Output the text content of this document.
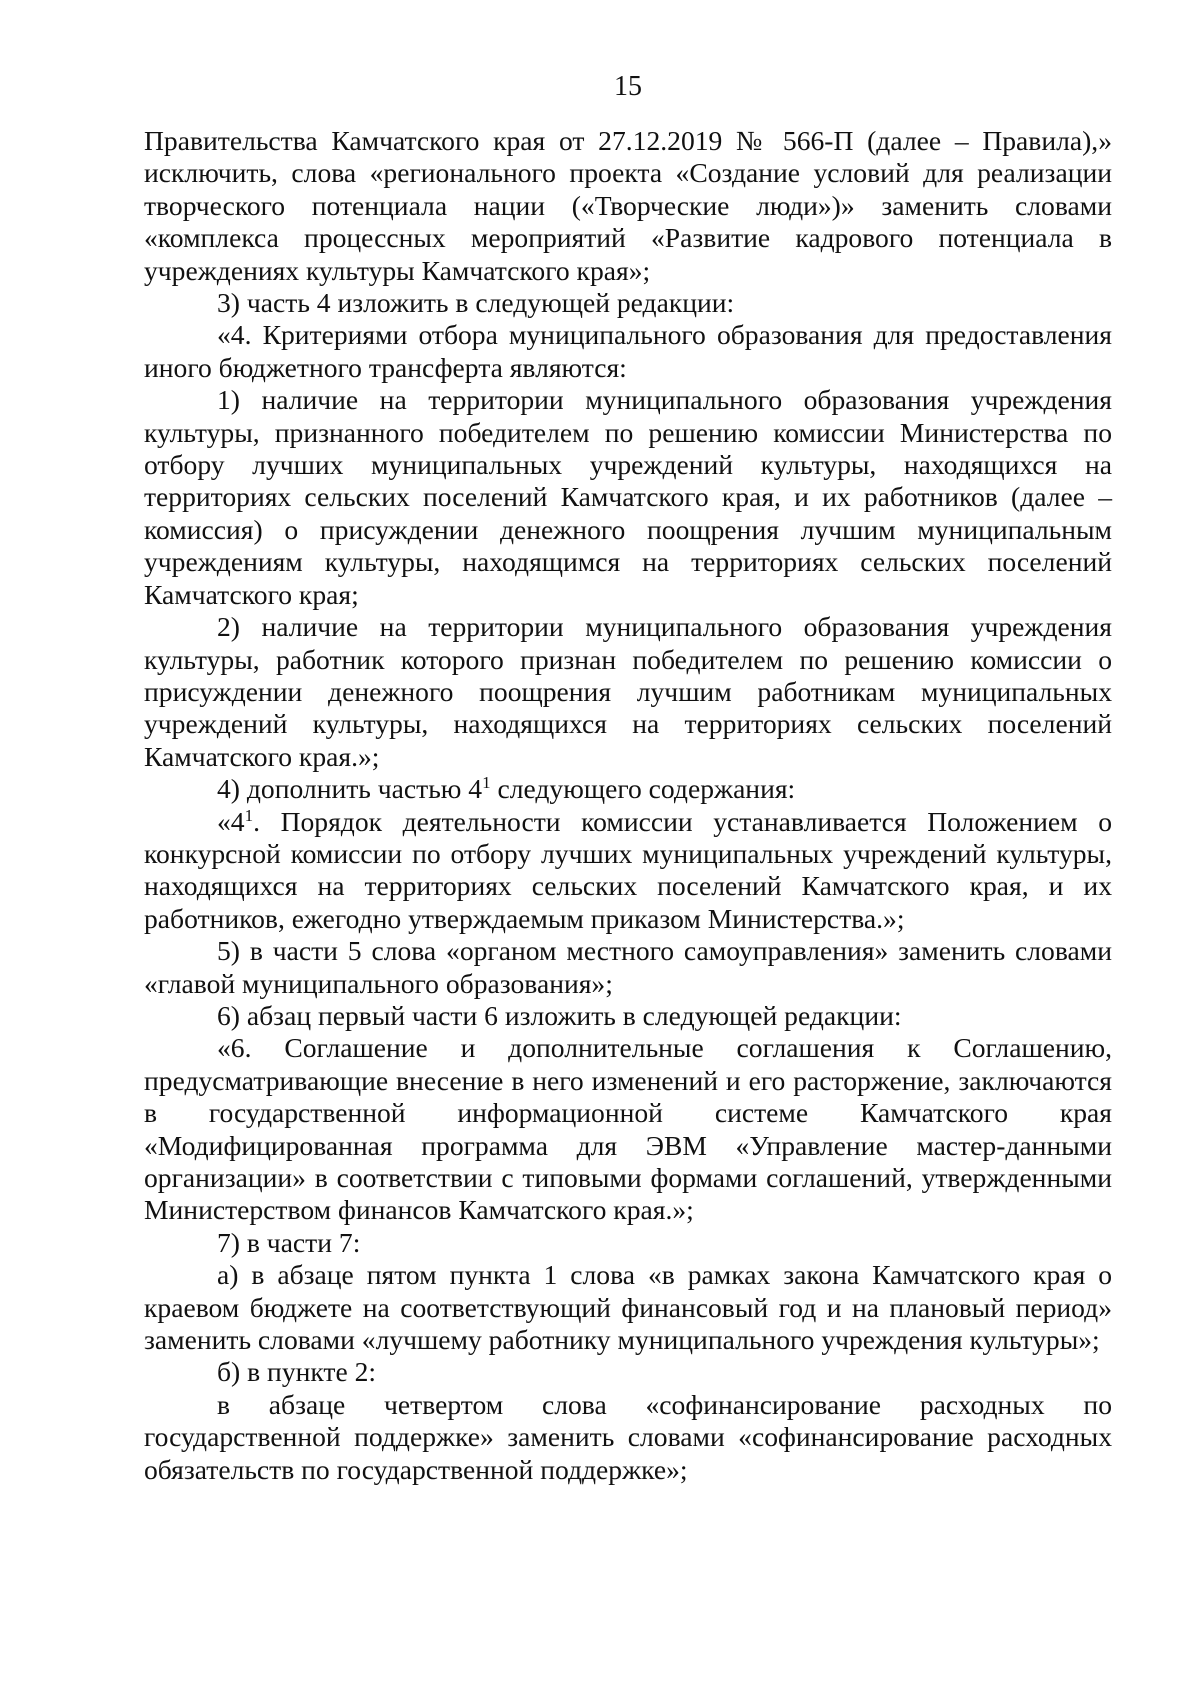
15

Правительства Камчатского края от 27.12.2019 № 566-П (далее – Правила),» исключить, слова «регионального проекта «Создание условий для реализации творческого потенциала нации («Творческие люди»)» заменить словами «комплекса процессных мероприятий «Развитие кадрового потенциала в учреждениях культуры Камчатского края»;

3) часть 4 изложить в следующей редакции:

«4. Критериями отбора муниципального образования для предоставления иного бюджетного трансферта являются:

1) наличие на территории муниципального образования учреждения культуры, признанного победителем по решению комиссии Министерства по отбору лучших муниципальных учреждений культуры, находящихся на территориях сельских поселений Камчатского края, и их работников (далее – комиссия) о присуждении денежного поощрения лучшим муниципальным учреждениям культуры, находящимся на территориях сельских поселений Камчатского края;

2) наличие на территории муниципального образования учреждения культуры, работник которого признан победителем по решению комиссии о присуждении денежного поощрения лучшим работникам муниципальных учреждений культуры, находящихся на территориях сельских поселений Камчатского края.»;

4) дополнить частью $4^1$ следующего содержания:

«$4^1$. Порядок деятельности комиссии устанавливается Положением о конкурсной комиссии по отбору лучших муниципальных учреждений культуры, находящихся на территориях сельских поселений Камчатского края, и их работников, ежегодно утверждаемым приказом Министерства.»;

5) в части 5 слова «органом местного самоуправления» заменить словами «главой муниципального образования»;

6) абзац первый части 6 изложить в следующей редакции:

«6. Соглашение и дополнительные соглашения к Соглашению, предусматривающие внесение в него изменений и его расторжение, заключаются в государственной информационной системе Камчатского края «Модифицированная программа для ЭВМ «Управление мастер-данными организации» в соответствии с типовыми формами соглашений, утвержденными Министерством финансов Камчатского края.»;

7) в части 7:

а) в абзаце пятом пункта 1 слова «в рамках закона Камчатского края о краевом бюджете на соответствующий финансовый год и на плановый период» заменить словами «лучшему работнику муниципального учреждения культуры»;

б) в пункте 2:

в абзаце четвертом слова «софинансирование расходных по государственной поддержке» заменить словами «софинансирование расходных обязательств по государственной поддержке»;
